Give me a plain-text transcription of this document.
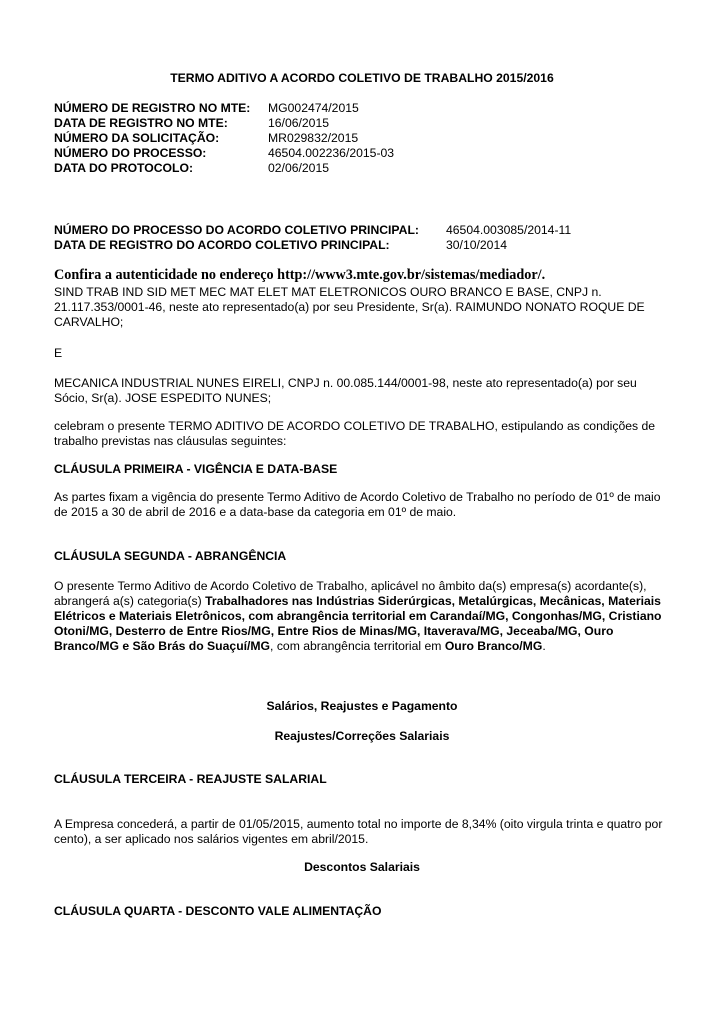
TERMO ADITIVO A ACORDO COLETIVO DE TRABALHO 2015/2016
NÚMERO DE REGISTRO NO MTE: MG002474/2015
DATA DE REGISTRO NO MTE:	16/06/2015
NÚMERO DA SOLICITAÇÃO:	MR029832/2015
NÚMERO DO PROCESSO:	46504.002236/2015-03
DATA DO PROTOCOLO:	02/06/2015
NÚMERO DO PROCESSO DO ACORDO COLETIVO PRINCIPAL: 46504.003085/2014-11
DATA DE REGISTRO DO ACORDO COLETIVO PRINCIPAL:	30/10/2014
Confira a autenticidade no endereço http://www3.mte.gov.br/sistemas/mediador/.
SIND TRAB IND SID MET MEC MAT ELET MAT ELETRONICOS OURO BRANCO E BASE, CNPJ n. 21.117.353/0001-46, neste ato representado(a) por seu Presidente, Sr(a). RAIMUNDO NONATO ROQUE DE CARVALHO;
E
MECANICA INDUSTRIAL NUNES EIRELI, CNPJ n. 00.085.144/0001-98, neste ato representado(a) por seu Sócio, Sr(a). JOSE ESPEDITO NUNES;
celebram o presente TERMO ADITIVO DE ACORDO COLETIVO DE TRABALHO, estipulando as condições de trabalho previstas nas cláusulas seguintes:
CLÁUSULA PRIMEIRA - VIGÊNCIA E DATA-BASE
As partes fixam a vigência do presente Termo Aditivo de Acordo Coletivo de Trabalho no período de 01º de maio de 2015 a 30 de abril de 2016 e a data-base da categoria em 01º de maio.
CLÁUSULA SEGUNDA - ABRANGÊNCIA
O presente Termo Aditivo de Acordo Coletivo de Trabalho, aplicável no âmbito da(s) empresa(s) acordante(s), abrangerá a(s) categoria(s) Trabalhadores nas Indústrias Siderúrgicas, Metalúrgicas, Mecânicas, Materiais Elétricos e Materiais Eletrônicos, com abrangência territorial em Carandaí/MG, Congonhas/MG, Cristiano Otoni/MG, Desterro de Entre Rios/MG, Entre Rios de Minas/MG, Itaverava/MG, Jeceaba/MG, Ouro Branco/MG e São Brás do Suaçuí/MG, com abrangência territorial em Ouro Branco/MG.
Salários, Reajustes e Pagamento
Reajustes/Correções Salariais
CLÁUSULA TERCEIRA - REAJUSTE SALARIAL
A Empresa concederá, a partir de 01/05/2015, aumento total no importe de 8,34% (oito virgula trinta e quatro por cento), a ser aplicado nos salários vigentes em abril/2015.
Descontos Salariais
CLÁUSULA QUARTA - DESCONTO VALE ALIMENTAÇÃO
